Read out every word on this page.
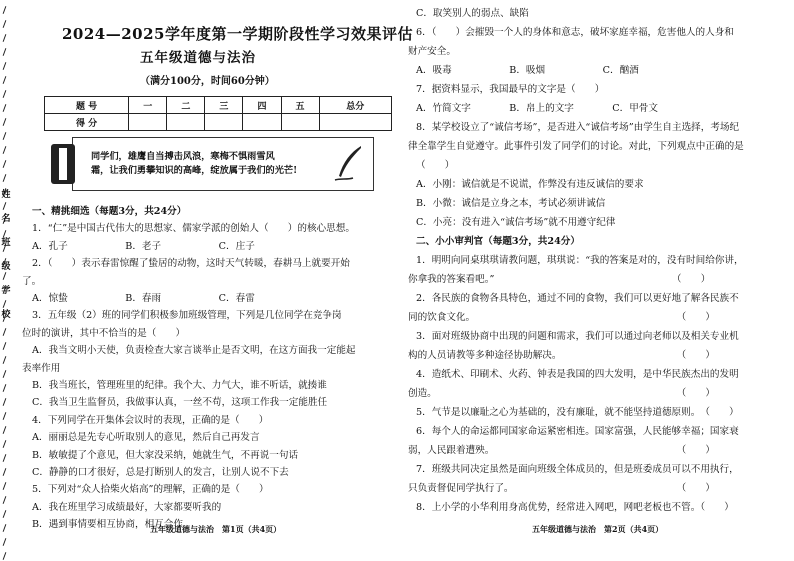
姓
名
班
级
学
校
2024—2025学年度第一学期阶段性学习效果评估
五年级道德与法治
（满分100分，时间60分钟）
题 号	一	二	三	四	五	总分
得 分						
同学们，雄鹰自当搏击风浪，寒梅不惧雨雪风
霜，让我们勇攀知识的高峰，绽放属于我们的光芒!
一、精挑细选（每题3分，共24分）
1．“仁”是中国古代伟大的思想家、儒家学派的创始人（　　）的核心思想。
A．孔子　　　　　　B．老子　　　　　　C．庄子
2．（　　）表示春雷惊醒了蛰居的动物，这时天气转暖，春耕马上就要开始
了。
A．惊蛰　　　　　　B．春雨　　　　　　C．春雷
3．五年级（2）班的同学们积极参加班级管理，下列是几位同学在竞争岗
位时的演讲，其中不恰当的是（　　）
A．我当文明小天使，负责检查大家言谈举止是否文明，在这方面我一定能起
表率作用
B．我当班长，管理班里的纪律。我个大、力气大，谁不听话，就揍谁
C．我当卫生监督员，我做事认真，一丝不苟，这项工作我一定能胜任
4．下列同学在开集体会议时的表现，正确的是（　　）
A．丽丽总是先专心听取别人的意见，然后自己再发言
B．敏敏提了个意见，但大家没采纳，她就生气，不再说一句话
C．静静的口才很好，总是打断别人的发言，让别人说不下去
5．下列对“众人拾柴火焰高”的理解，正确的是（　　）
A．我在班里学习成绩最好，大家都要听我的
B．遇到事情要相互协商，相互合作
五年级道德与法治　第1页（共4页）
C．取笑别人的弱点、缺陷
6．（　　）会摧毁一个人的身体和意志，破坏家庭幸福，危害他人的人身和
财产安全。
A．吸毒　　　　　　B．吸烟　　　　　　C．酗酒
7．据资料显示，我国最早的文字是（　　）
A．竹简文字　　　　B．帛上的文字　　　　C．甲骨文
8．某学校设立了“诚信考场”，是否进入“诚信考场”由学生自主选择，考场纪
律全靠学生自觉遵守。此事件引发了同学们的讨论。对此，下列观点中正确的是
（　　）
A．小刚：诚信就是不说谎，作弊没有违反诚信的要求
B．小微：诚信是立身之本，考试必须讲诚信
C．小亮：没有进入“诚信考场”就不用遵守纪律
二、小小审判官（每题3分，共24分）
1．明明向同桌琪琪请教问题，琪琪说：“我的答案是对的，没有时间给你讲，
你拿我的答案看吧。”　　　　　　　　　　　　　　　　　　　（　　）
2．各民族的食物各具特色，通过不同的食物，我们可以更好地了解各民族不
同的饮食文化。　　　　　　　　　　　　　　　　　　　　　　（　　）
3．面对班级协商中出现的问题和需求，我们可以通过向老师以及相关专业机
构的人员请教等多种途径协助解决。　　　　　　　　　　　　　（　　）
4．造纸术、印刷术、火药、钟表是我国的四大发明，是中华民族杰出的发明
创造。　　　　　　　　　　　　　　　　　　　　　　　　　　（　　）
5．气节是以廉耻之心为基础的，没有廉耻，就不能坚持道德原则。　（　　）
6．每个人的命运都同国家命运紧密相连。国家富强，人民能够幸福；国家衰
弱，人民跟着遭殃。　　　　　　　　　　　　　　　　　　　　（　　）
7．班级共同决定虽然是面向班级全体成员的，但是班委成员可以不用执行，
只负责督促同学执行了。　　　　　　　　　　　　　　　　　　（　　）
8．上小学的小华利用身高优势，经常进入网吧，网吧老板也不管。（　　）
五年级道德与法治　第2页（共4页）
